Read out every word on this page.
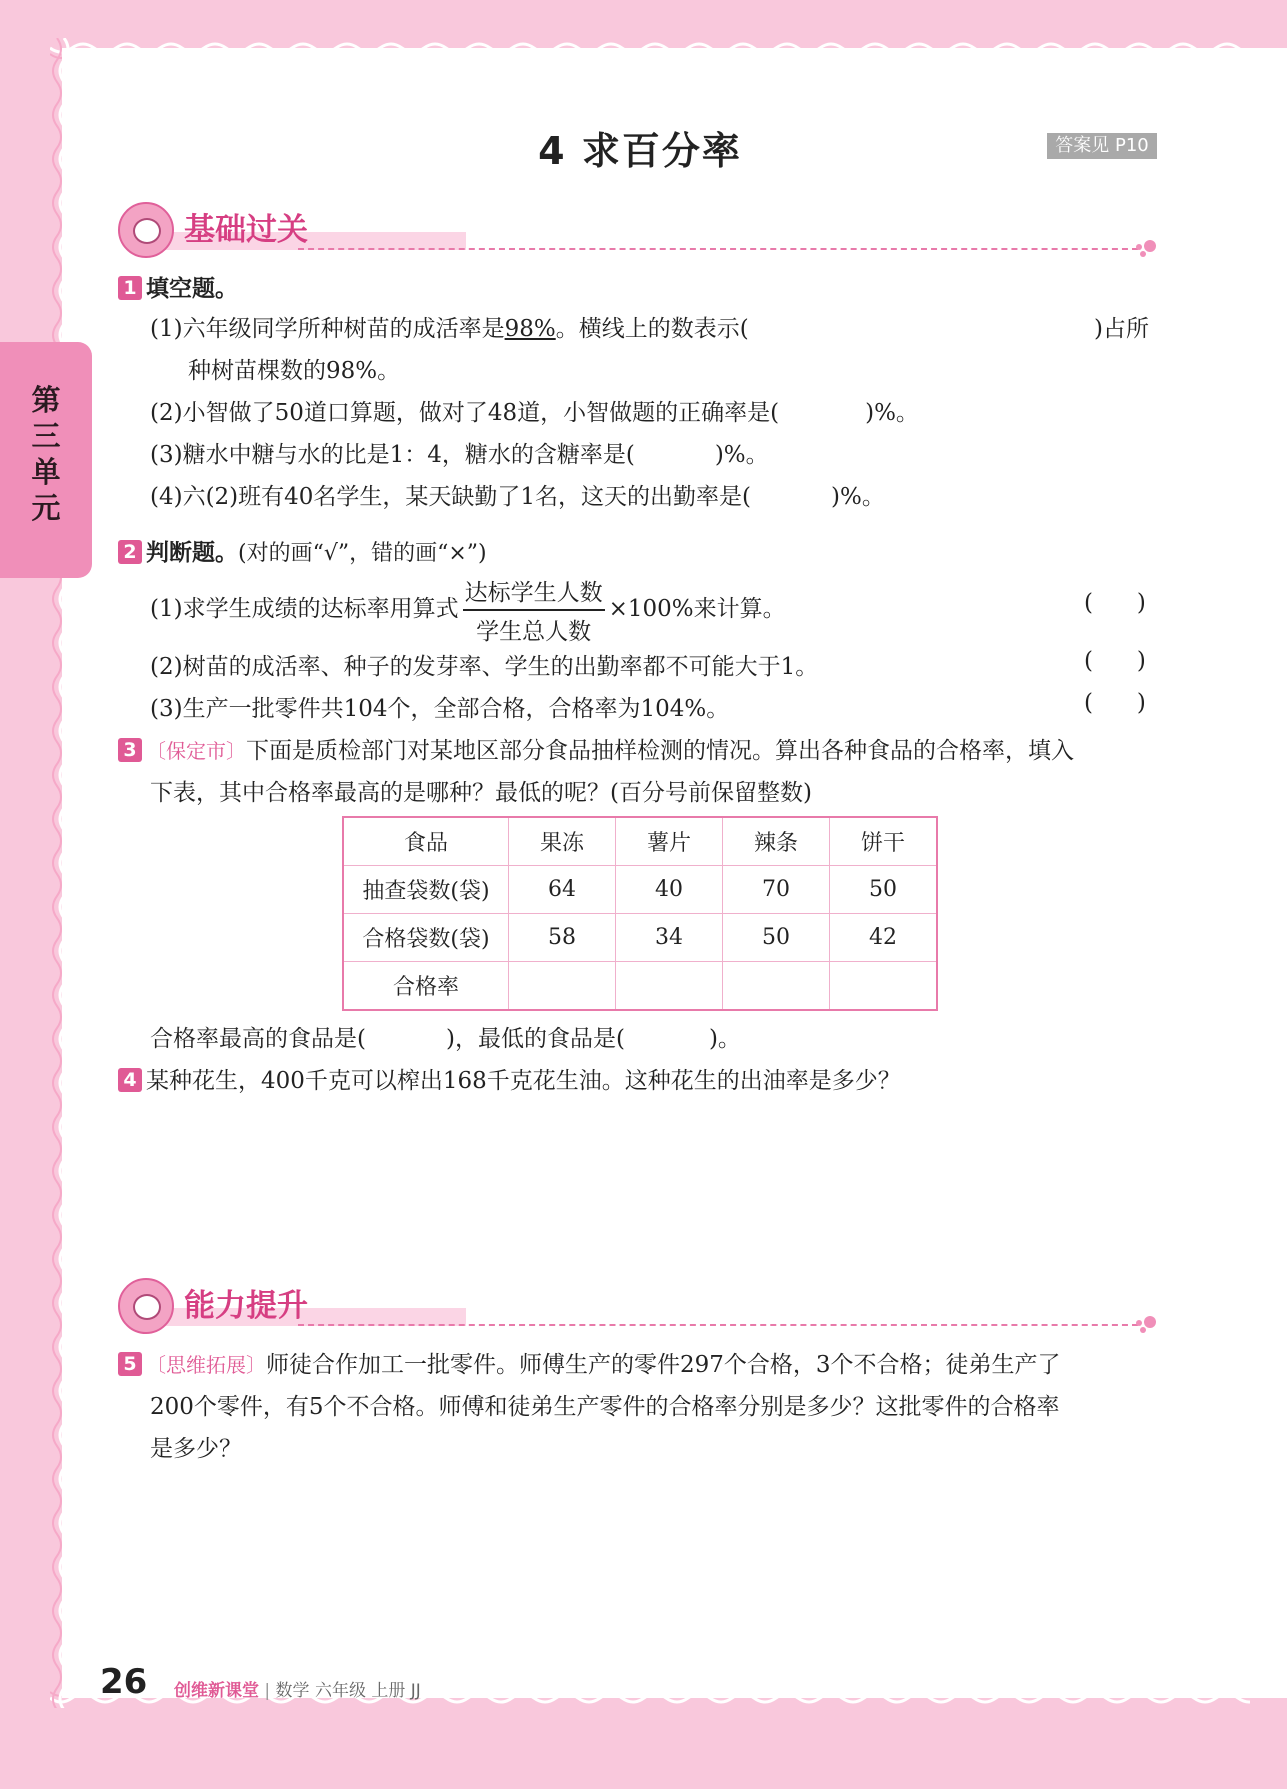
第
三
单
元
4 求百分率	答案见 P10
基础过关
1 填空题。
(1)六年级同学所种树苗的成活率是98%。横线上的数表示(	)占所
种树苗棵数的98%。
(2)小智做了50道口算题，做对了48道，小智做题的正确率是(	)%。
(3)糖水中糖与水的比是1：4，糖水的含糖率是(	)%。
(4)六(2)班有40名学生，某天缺勤了1名，这天的出勤率是(	)%。
2 判断题。(对的画“√”，错的画“×”)
(1)求学生成绩的达标率用算式 $\frac{\text{达标学生人数}}{\text{学生总人数}} \times 100\%$来计算。	(      )
(2)树苗的成活率、种子的发芽率、学生的出勤率都不可能大于1。	(      )
(3)生产一批零件共104个，全部合格，合格率为104%。	(      )
3 〔保定市〕下面是质检部门对某地区部分食品抽样检测的情况。算出各种食品的合格率，填入
下表，其中合格率最高的是哪种？最低的呢？(百分号前保留整数)
食品	果冻	薯片	辣条	饼干
抽查袋数(袋)	64	40	70	50
合格袋数(袋)	58	34	50	42
合格率				
合格率最高的食品是(	)，最低的食品是(	)。
4 某种花生，400千克可以榨出168千克花生油。这种花生的出油率是多少？
能力提升
5 〔思维拓展〕师徒合作加工一批零件。师傅生产的零件297个合格，3个不合格；徒弟生产了
200个零件，有5个不合格。师傅和徒弟生产零件的合格率分别是多少？这批零件的合格率
是多少？
26 创维新课堂 | 数学 六年级 上册 JJ
